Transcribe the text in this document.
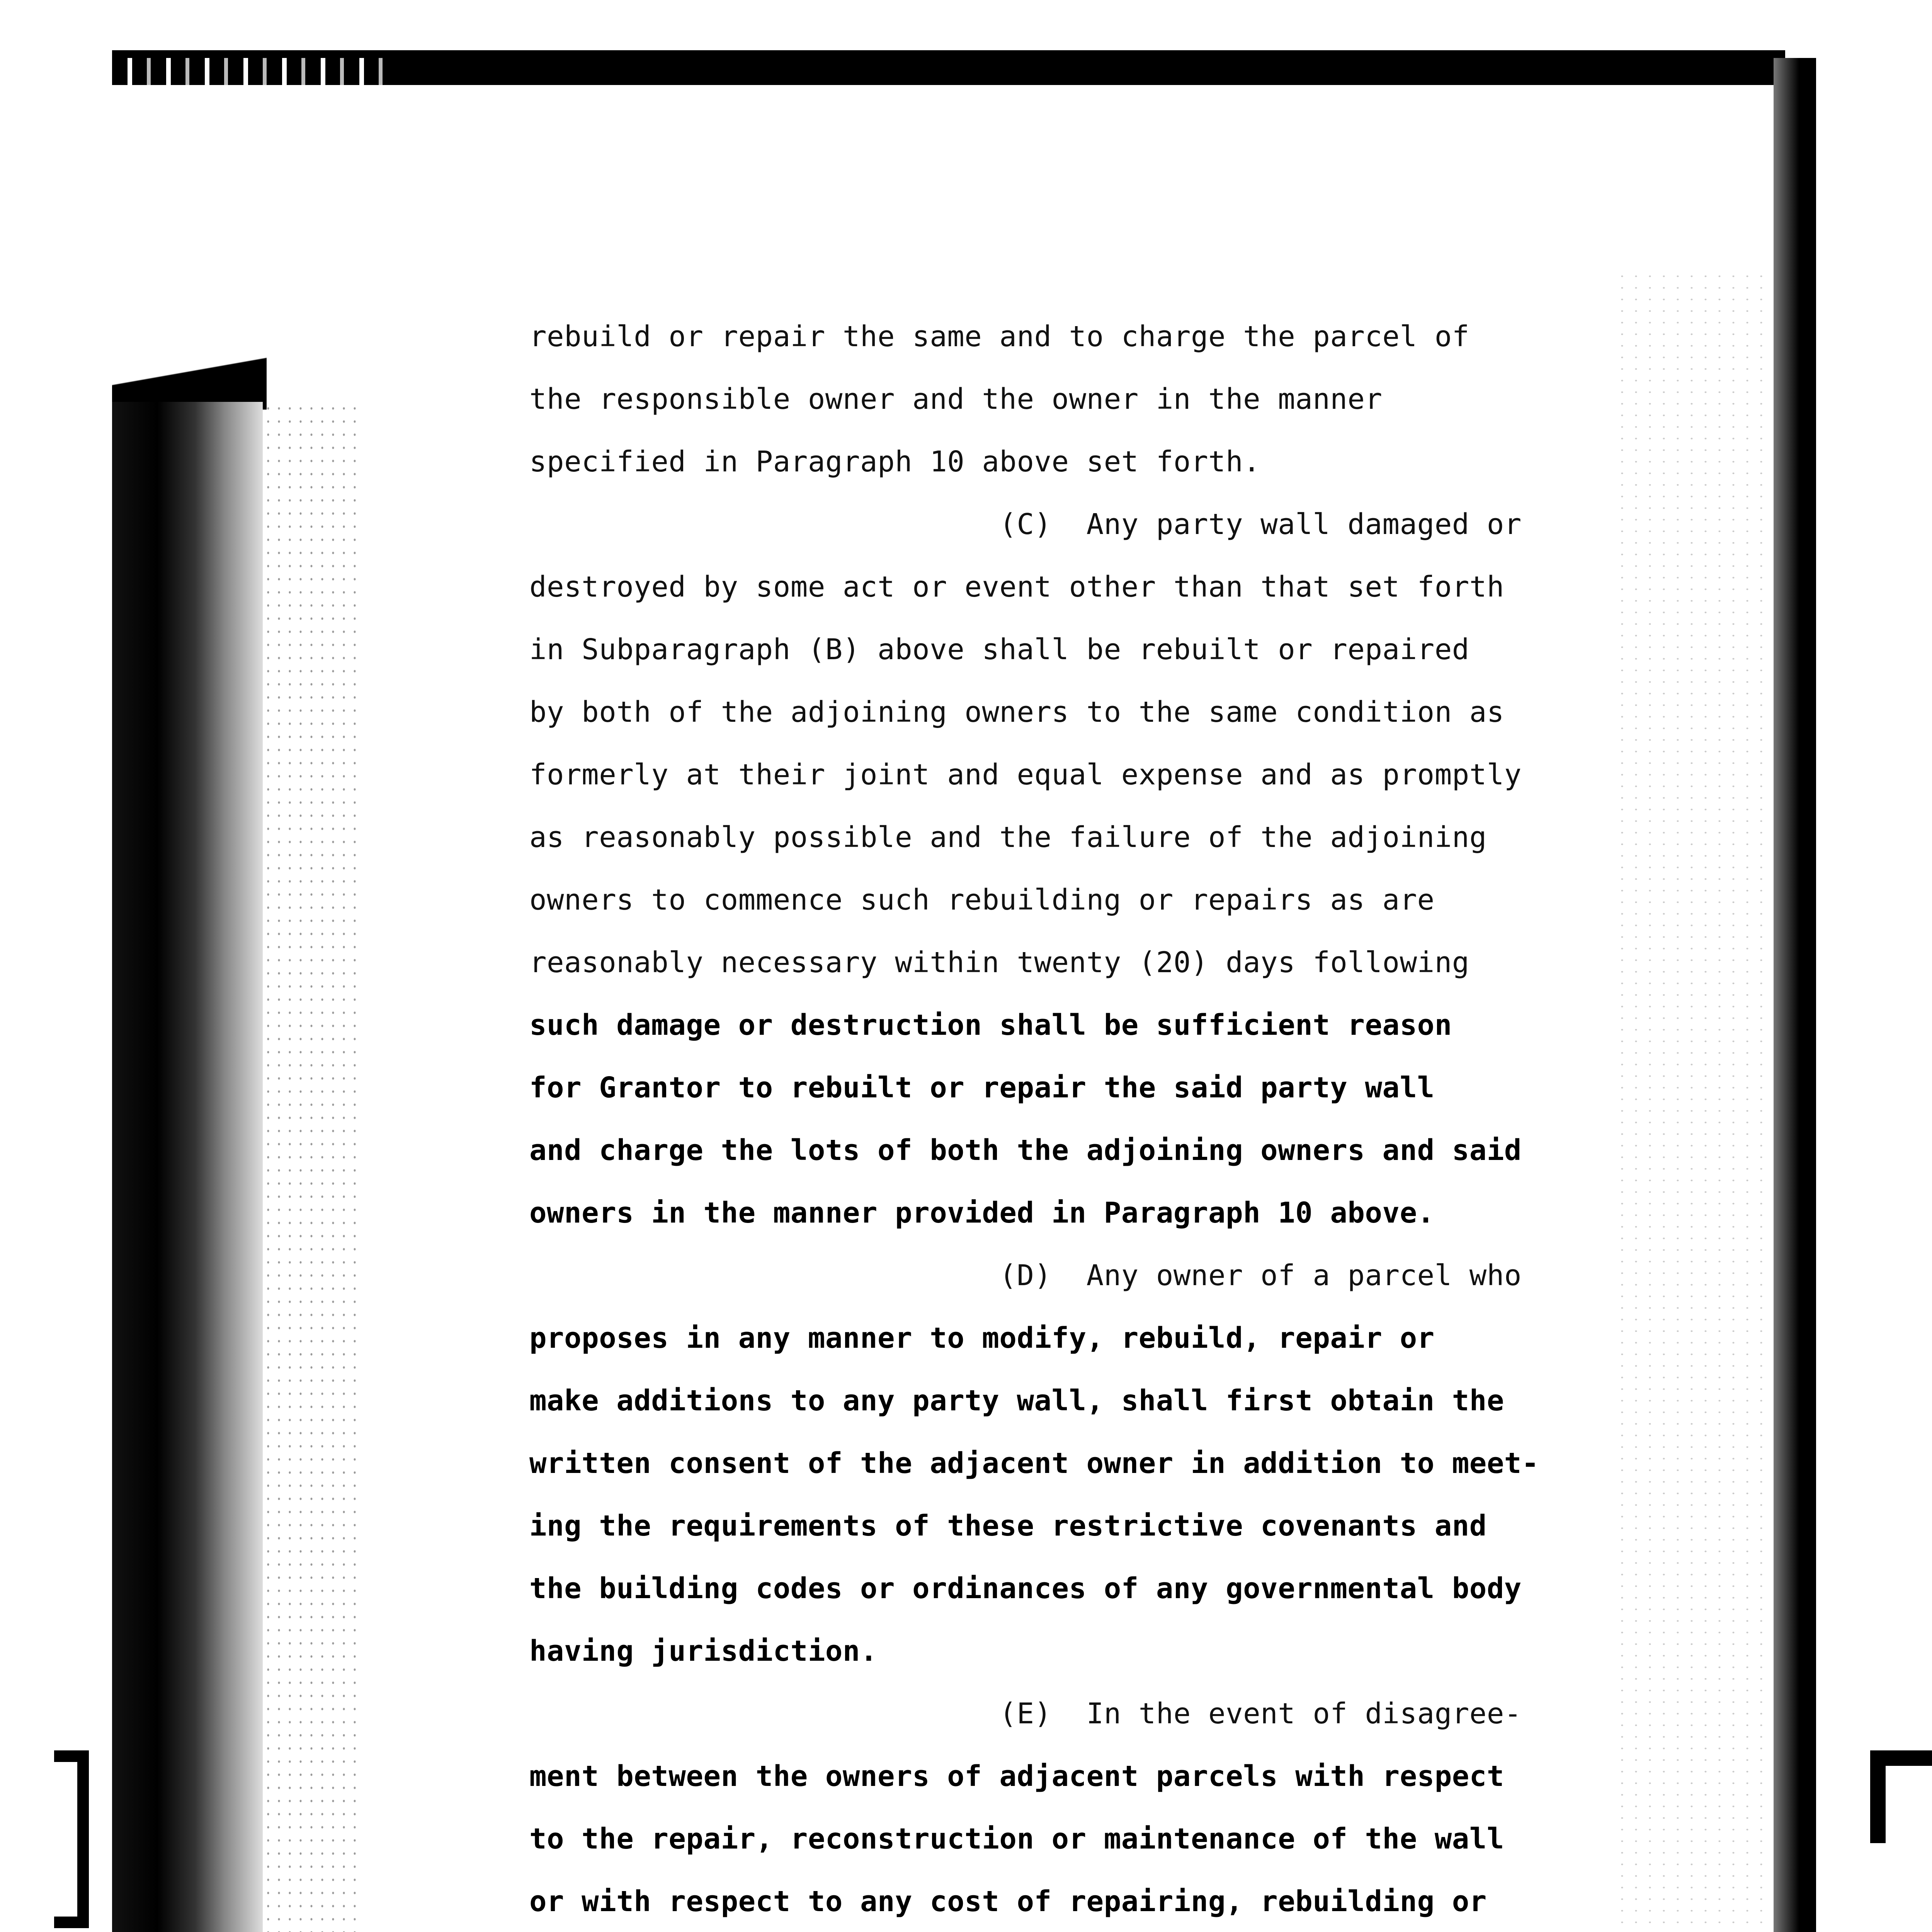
rebuild or repair the same and to charge the parcel of
the responsible owner and the owner in the manner
specified in Paragraph 10 above set forth.
(C)  Any party wall damaged or
destroyed by some act or event other than that set forth
in Subparagraph (B) above shall be rebuilt or repaired
by both of the adjoining owners to the same condition as
formerly at their joint and equal expense and as promptly
as reasonably possible and the failure of the adjoining
owners to commence such rebuilding or repairs as are
reasonably necessary within twenty (20) days following
such damage or destruction shall be sufficient reason
for Grantor to rebuilt or repair the said party wall
and charge the lots of both the adjoining owners and said
owners in the manner provided in Paragraph 10 above.
(D)  Any owner of a parcel who
proposes in any manner to modify, rebuild, repair or
make additions to any party wall, shall first obtain the
written consent of the adjacent owner in addition to meet-
ing the requirements of these restrictive covenants and
the building codes or ordinances of any governmental body
having jurisdiction.
(E)  In the event of disagree-
ment between the owners of adjacent parcels with respect
to the repair, reconstruction or maintenance of the wall
or with respect to any cost of repairing, rebuilding or
